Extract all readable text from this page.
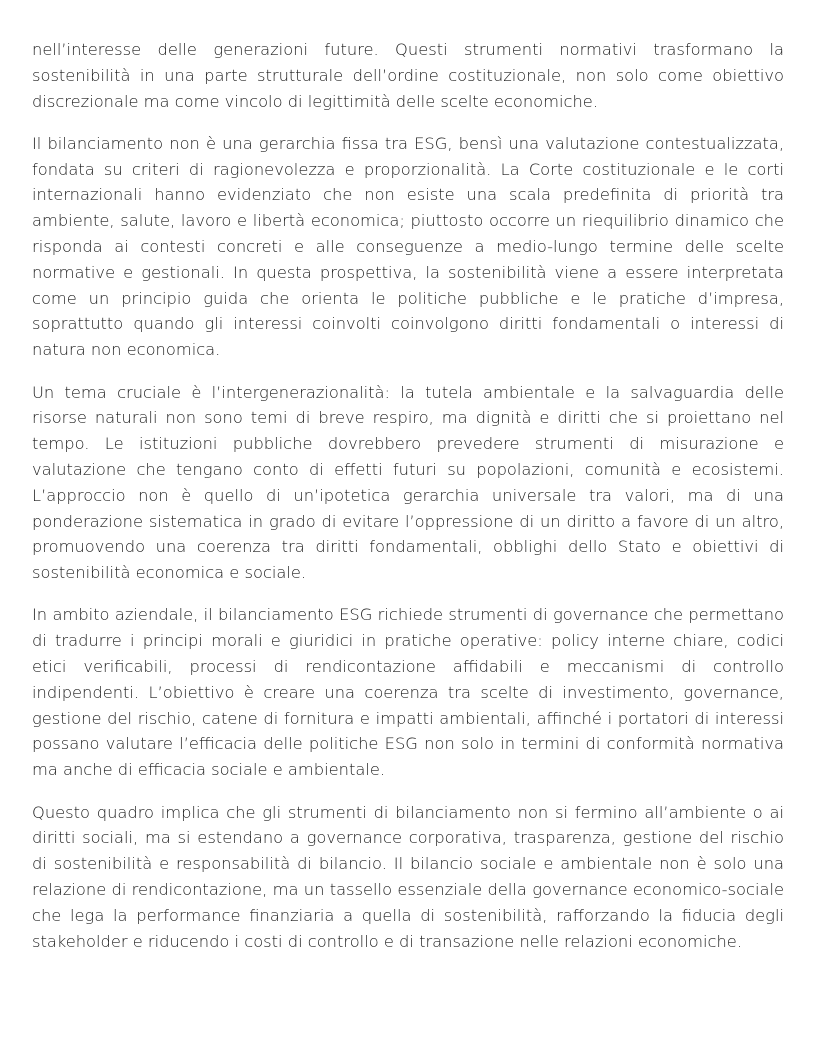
nell’interesse delle generazioni future. Questi strumenti normativi trasformano la sostenibilità in una parte strutturale dell’ordine costituzionale, non solo come obiettivo discrezionale ma come vincolo di legittimità delle scelte economiche.

Il bilanciamento non è una gerarchia fissa tra ESG, bensì una valutazione contestualizzata, fondata su criteri di ragionevolezza e proporzionalità. La Corte costituzionale e le corti internazionali hanno evidenziato che non esiste una scala predefinita di priorità tra ambiente, salute, lavoro e libertà economica; piuttosto occorre un riequilibrio dinamico che risponda ai contesti concreti e alle conseguenze a medio-lungo termine delle scelte normative e gestionali. In questa prospettiva, la sostenibilità viene a essere interpretata come un principio guida che orienta le politiche pubbliche e le pratiche d’impresa, soprattutto quando gli interessi coinvolti coinvolgono diritti fondamentali o interessi di natura non economica.

Un tema cruciale è l’intergenerazionalità: la tutela ambientale e la salvaguardia delle risorse naturali non sono temi di breve respiro, ma dignità e diritti che si proiettano nel tempo. Le istituzioni pubbliche dovrebbero prevedere strumenti di misurazione e valutazione che tengano conto di effetti futuri su popolazioni, comunità e ecosistemi. L’approccio non è quello di un’ipotetica gerarchia universale tra valori, ma di una ponderazione sistematica in grado di evitare l’oppressione di un diritto a favore di un altro, promuovendo una coerenza tra diritti fondamentali, obblighi dello Stato e obiettivi di sostenibilità economica e sociale.

In ambito aziendale, il bilanciamento ESG richiede strumenti di governance che permettano di tradurre i principi morali e giuridici in pratiche operative: policy interne chiare, codici etici verificabili, processi di rendicontazione affidabili e meccanismi di controllo indipendenti. L’obiettivo è creare una coerenza tra scelte di investimento, governance, gestione del rischio, catene di fornitura e impatti ambientali, affinché i portatori di interessi possano valutare l’efficacia delle politiche ESG non solo in termini di conformità normativa ma anche di efficacia sociale e ambientale.

Questo quadro implica che gli strumenti di bilanciamento non si fermino all’ambiente o ai diritti sociali, ma si estendano a governance corporativa, trasparenza, gestione del rischio di sostenibilità e responsabilità di bilancio. Il bilancio sociale e ambientale non è solo una relazione di rendicontazione, ma un tassello essenziale della governance economico-sociale che lega la performance finanziaria a quella di sostenibilità, rafforzando la fiducia degli stakeholder e riducendo i costi di controllo e di transazione nelle relazioni economiche.
